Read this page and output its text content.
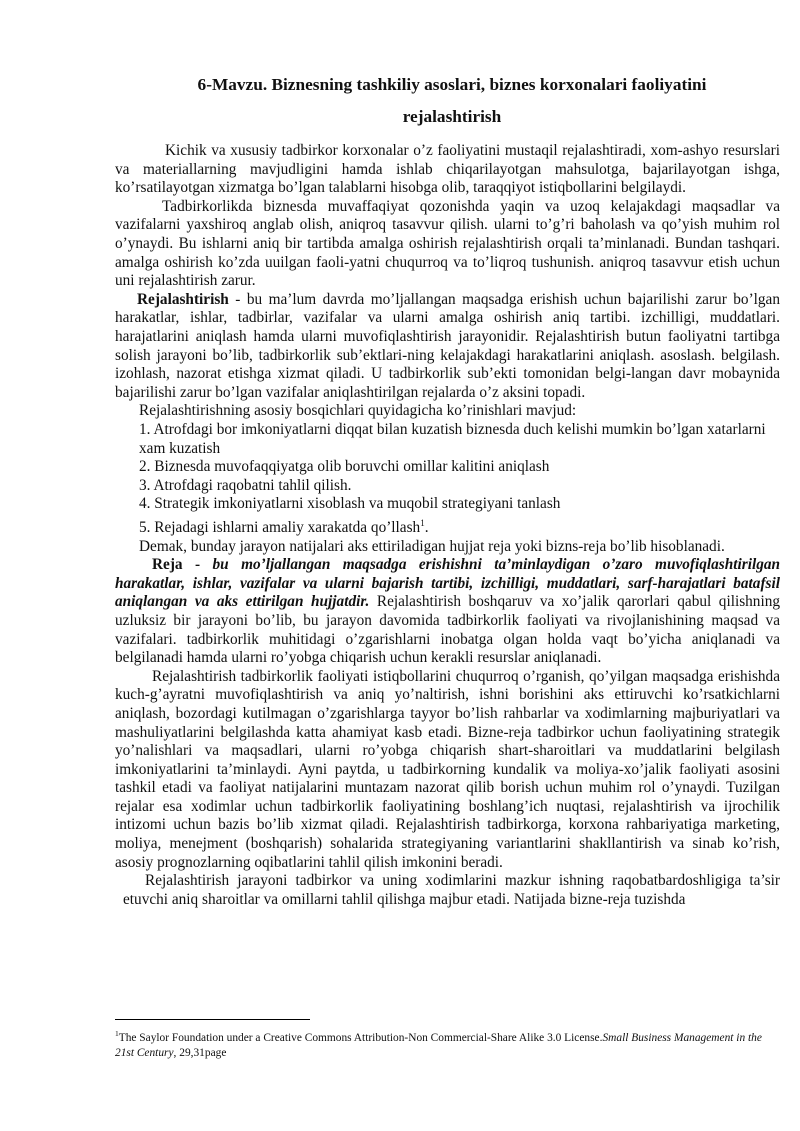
6-Mavzu. Biznesning tashkiliy asoslari, biznes korxonalari faoliyatini
rejalashtirish

Kichik va xususiy tadbirkor korxonalar o’z faoliyatini mustaqil rejalashtiradi, xom-ashyo resurslari va materiallarning mavjudligini hamda ishlab chiqarilayotgan mahsulotga, bajarilayotgan ishga, ko’rsatilayotgan xizmatga bo’lgan talablarni hisobga olib, taraqqiyot istiqbollarini belgilaydi.

Tadbirkorlikda biznesda muvaffaqiyat qozonishda yaqin va uzoq kelajakdagi maqsadlar va vazifalarni yaxshiroq anglab olish, aniqroq tasavvur qilish. ularni to’g’ri baholash va qo’yish muhim rol o’ynaydi. Bu ishlarni aniq bir tartibda amalga oshirish rejalashtirish orqali ta’minlanadi. Bundan tashqari. amalga oshirish ko’zda uuilgan faoli-yatni chuqurroq va to’liqroq tushunish. aniqroq tasavvur etish uchun uni rejalashtirish zarur.

Rejalashtirish - bu ma’lum davrda mo’ljallangan maqsadga erishish uchun bajarilishi zarur bo’lgan harakatlar, ishlar, tadbirlar, vazifalar va ularni amalga oshirish aniq tartibi. izchilligi, muddatlari. harajatlarini aniqlash hamda ularni muvofiqlashtirish jarayonidir. Rejalashtirish butun faoliyatni tartibga solish jarayoni bo’lib, tadbirkorlik sub’ektlari-ning kelajakdagi harakatlarini aniqlash. asoslash. belgilash. izohlash, nazorat etishga xizmat qiladi. U tadbirkorlik sub’ekti tomonidan belgi-langan davr mobaynida bajarilishi zarur bo’lgan vazifalar aniqlashtirilgan rejalarda o’z aksini topadi.

Rejalashtirishning asosiy bosqichlari quyidagicha ko’rinishlari mavjud:

1. Atrofdagi bor imkoniyatlarni diqqat bilan kuzatish biznesda duch kelishi mumkin bo’lgan xatarlarni xam kuzatish

2. Biznesda muvofaqqiyatga olib boruvchi omillar kalitini aniqlash

3. Atrofdagi raqobatni tahlil qilish.

4. Strategik imkoniyatlarni xisoblash va muqobil strategiyani tanlash

5. Rejadagi ishlarni amaliy xarakatda qo’llash$^1$.

Demak, bunday jarayon natijalari aks ettiriladigan hujjat reja yoki bizns-reja bo’lib hisoblanadi.

Reja - bu mo’ljallangan maqsadga erishishni ta’minlaydigan o’zaro muvofiqlashtirilgan harakatlar, ishlar, vazifalar va ularni bajarish tartibi, izchilligi, muddatlari, sarf-harajatlari batafsil aniqlangan va aks ettirilgan hujjatdir. Rejalashtirish boshqaruv va xo’jalik qarorlari qabul qilishning uzluksiz bir jarayoni bo’lib, bu jarayon davomida tadbirkorlik faoliyati va rivojlanishining maqsad va vazifalari. tadbirkorlik muhitidagi o’zgarishlarni inobatga olgan holda vaqt bo’yicha aniqlanadi va belgilanadi hamda ularni ro’yobga chiqarish uchun kerakli resurslar aniqlanadi.

Rejalashtirish tadbirkorlik faoliyati istiqbollarini chuqurroq o’rganish, qo’yilgan maqsadga erishishda kuch-g’ayratni muvofiqlashtirish va aniq yo’naltirish, ishni borishini aks ettiruvchi ko’rsatkichlarni aniqlash, bozordagi kutilmagan o’zgarishlarga tayyor bo’lish rahbarlar va xodimlarning majburiyatlari va mashuliyatlarini belgilashda katta ahamiyat kasb etadi. Bizne-reja tadbirkor uchun faoliyatining strategik yo’nalishlari va maqsadlari, ularni ro’yobga chiqarish shart-sharoitlari va muddatlarini belgilash imkoniyatlarini ta’minlaydi. Ayni paytda, u tadbirkorning kundalik va moliya-xo’jalik faoliyati asosini tashkil etadi va faoliyat natijalarini muntazam nazorat qilib borish uchun muhim rol o’ynaydi. Tuzilgan rejalar esa xodimlar uchun tadbirkorlik faoliyatining boshlang’ich nuqtasi, rejalashtirish va ijrochilik intizomi uchun bazis bo’lib xizmat qiladi. Rejalashtirish tadbirkorga, korxona rahbariyatiga marketing, moliya, menejment (boshqarish) sohalarida strategiyaning variantlarini shakllantirish va sinab ko’rish, asosiy prognozlarning oqibatlarini tahlil qilish imkonini beradi.

Rejalashtirish jarayoni tadbirkor va uning xodimlarini mazkur ishning raqobatbardoshligiga ta’sir etuvchi aniq sharoitlar va omillarni tahlil qilishga majbur etadi. Natijada bizne-reja tuzishda

$^1$The Saylor Foundation under a Creative Commons Attribution-Non Commercial-Share Alike 3.0 License.Small Business Management in the 21st Century, 29,31page
